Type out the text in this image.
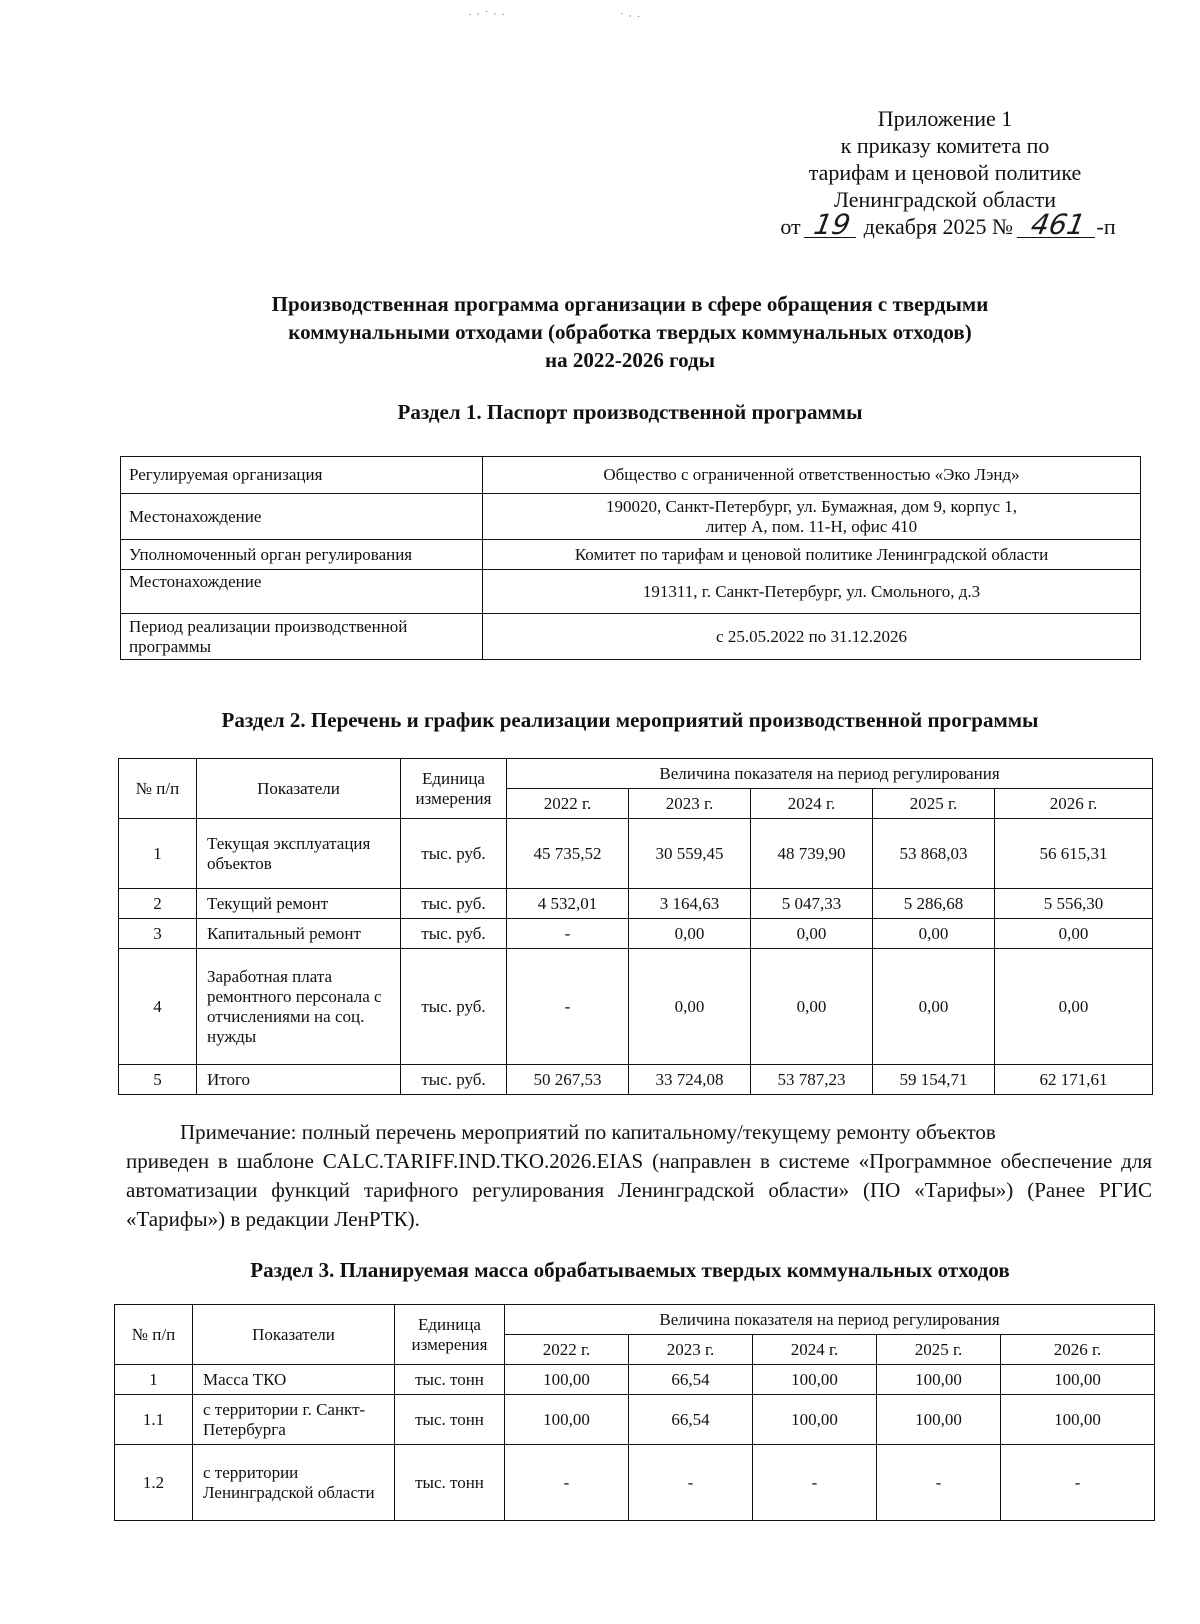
· ‧ ˙ ‧ ·	˙ ‧ ·
Приложение 1
к приказу комитета по
тарифам и ценовой политике
Ленинградской области
от 19 декабря 2025 № 461 -п
Производственная программа организации в сфере обращения с твердыми
коммунальными отходами (обработка твердых коммунальных отходов)
на 2022-2026 годы
Раздел 1. Паспорт производственной программы
Регулируемая организация	Общество с ограниченной ответственностью «Эко Лэнд»
Местонахождение	190020, Санкт-Петербург, ул. Бумажная, дом 9, корпус 1,
литер А, пом. 11-Н, офис 410

Уполномоченный орган регулирования	Комитет по тарифам и ценовой политике Ленинградской области
Местонахождение	191311, г. Санкт-Петербург, ул. Смольного, д.3
Период реализации производственной программы	с 25.05.2022 по 31.12.2026
Раздел 2. Перечень и график реализации мероприятий производственной программы
№ п/п	Показатели	Единица измерения	Величина показателя на период регулирования				
			2022 г.	2023 г.	2024 г.	2025 г.	2026 г.
1	Текущая эксплуатация объектов	тыс. руб.	45 735,52	30 559,45	48 739,90	53 868,03	56 615,31
2	Текущий ремонт	тыс. руб.	4 532,01	3 164,63	5 047,33	5 286,68	5 556,30
3	Капитальный ремонт	тыс. руб.	-	0,00	0,00	0,00	0,00
4	Заработная плата ремонтного персонала с отчислениями на соц. нужды	тыс. руб.	-	0,00	0,00	0,00	0,00
5	Итого	тыс. руб.	50 267,53	33 724,08	53 787,23	59 154,71	62 171,61
Примечание: полный перечень мероприятий по капитальному/текущему ремонту объектов
приведен в шаблоне CALC.TARIFF.IND.TKO.2026.EIAS (направлен в системе «Программное обеспечение для автоматизации функций тарифного регулирования Ленинградской области» (ПО «Тарифы») (Ранее РГИС «Тарифы») в редакции ЛенРТК).
Раздел 3. Планируемая масса обрабатываемых твердых коммунальных отходов
№ п/п	Показатели	Единица измерения	Величина показателя на период регулирования				
			2022 г.	2023 г.	2024 г.	2025 г.	2026 г.
1	Масса ТКО	тыс. тонн	100,00	66,54	100,00	100,00	100,00
1.1	с территории г. Санкт-Петербурга	тыс. тонн	100,00	66,54	100,00	100,00	100,00
1.2	с территории Ленинградской области	тыс. тонн	-	-	-	-	-
